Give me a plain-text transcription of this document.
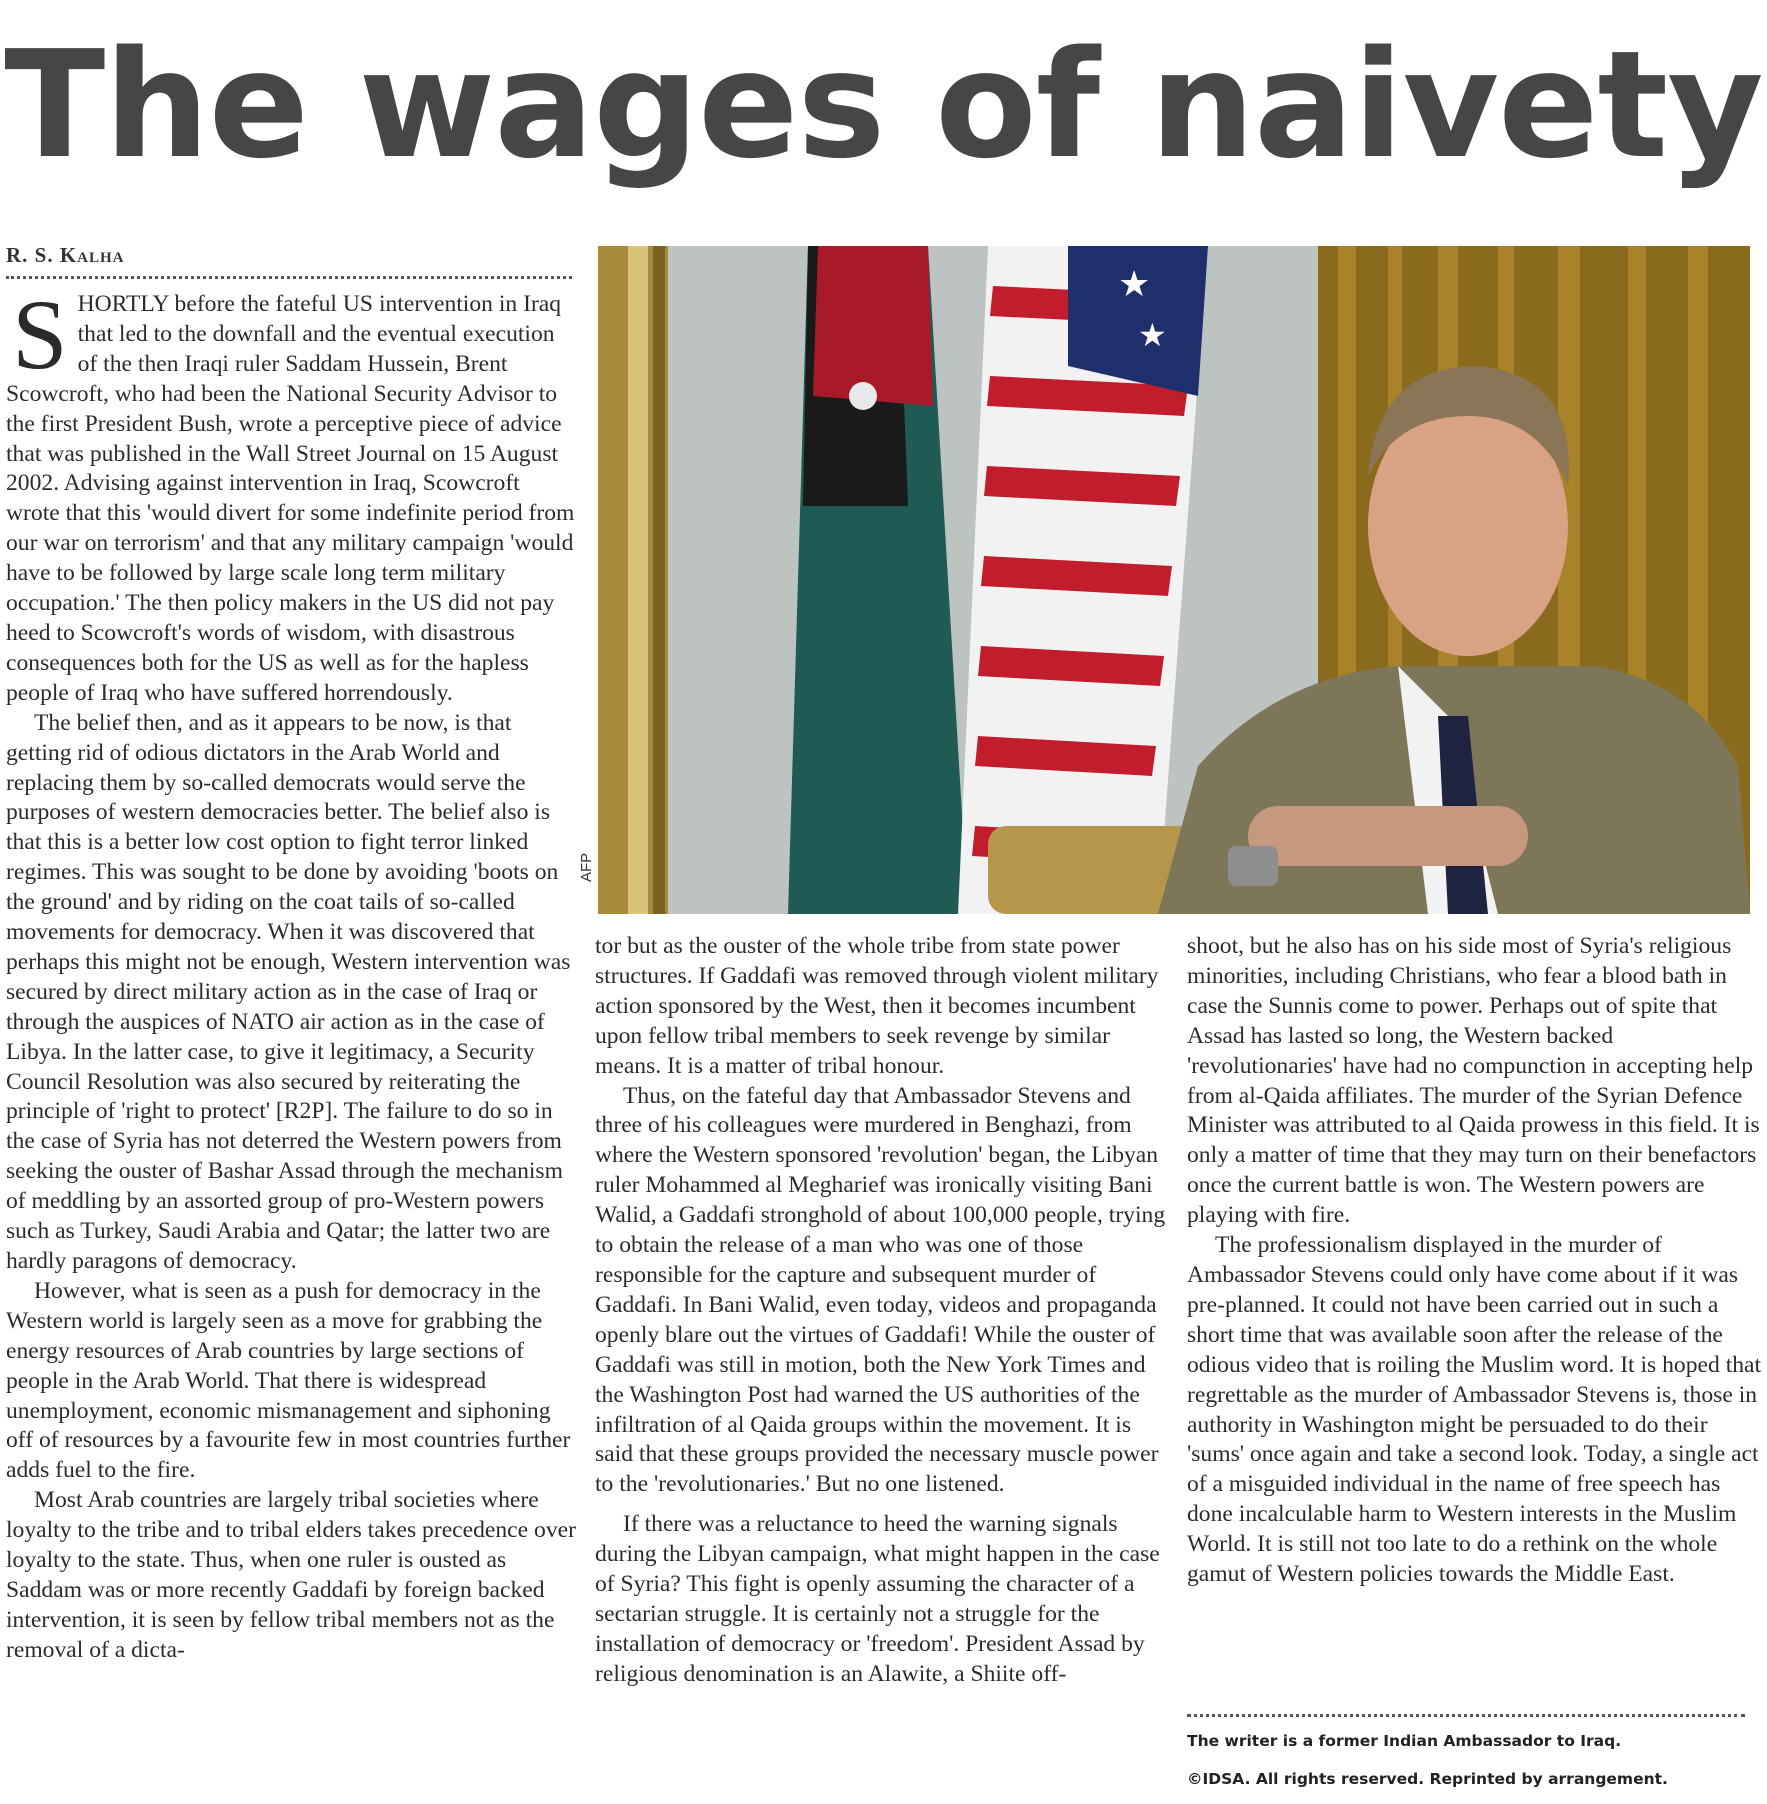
The wages of naivety
R. S. Kalha

SHORTLY before the fateful US intervention in Iraq that led to the downfall and the eventual execution of the then Iraqi ruler Saddam Hussein, Brent Scowcroft, who had been the National Security Advisor to the first President Bush, wrote a perceptive piece of advice that was published in the Wall Street Journal on 15 August 2002. Advising against intervention in Iraq, Scowcroft wrote that this 'would divert for some indefinite period from our war on terrorism' and that any military campaign 'would have to be followed by large scale long term military occupation.' The then policy makers in the US did not pay heed to Scowcroft's words of wisdom, with disastrous consequences both for the US as well as for the hapless people of Iraq who have suffered horrendously.

The belief then, and as it appears to be now, is that getting rid of odious dictators in the Arab World and replacing them by so-called democrats would serve the purposes of western democracies better. The belief also is that this is a better low cost option to fight terror linked regimes. This was sought to be done by avoiding 'boots on the ground' and by riding on the coat tails of so-called movements for democracy. When it was discovered that perhaps this might not be enough, Western intervention was secured by direct military action as in the case of Iraq or through the auspices of NATO air action as in the case of Libya. In the latter case, to give it legitimacy, a Security Council Resolution was also secured by reiterating the principle of 'right to protect' [R2P]. The failure to do so in the case of Syria has not deterred the Western powers from seeking the ouster of Bashar Assad through the mechanism of meddling by an assorted group of pro-Western powers such as Turkey, Saudi Arabia and Qatar; the latter two are hardly paragons of democracy.

However, what is seen as a push for democracy in the Western world is largely seen as a move for grabbing the energy resources of Arab countries by large sections of people in the Arab World. That there is widespread unemployment, economic mismanagement and siphoning off of resources by a favourite few in most countries further adds fuel to the fire.

Most Arab countries are largely tribal societies where loyalty to the tribe and to tribal elders takes precedence over loyalty to the state. Thus, when one ruler is ousted as Saddam was or more recently Gaddafi by foreign backed intervention, it is seen by fellow tribal members not as the removal of a dicta-

★
★
AFP

tor but as the ouster of the whole tribe from state power structures. If Gaddafi was removed through violent military action sponsored by the West, then it becomes incumbent upon fellow tribal members to seek revenge by similar means. It is a matter of tribal honour.

Thus, on the fateful day that Ambassador Stevens and three of his colleagues were murdered in Benghazi, from where the Western sponsored 'revolution' began, the Libyan ruler Mohammed al Megharief was ironically visiting Bani Walid, a Gaddafi stronghold of about 100,000 people, trying to obtain the release of a man who was one of those responsible for the capture and subsequent murder of Gaddafi. In Bani Walid, even today, videos and propaganda openly blare out the virtues of Gaddafi! While the ouster of Gaddafi was still in motion, both the New York Times and the Washington Post had warned the US authorities of the infiltration of al Qaida groups within the movement. It is said that these groups provided the necessary muscle power to the 'revolutionaries.' But no one listened.

If there was a reluctance to heed the warning signals during the Libyan campaign, what might happen in the case of Syria? This fight is openly assuming the character of a sectarian struggle. It is certainly not a struggle for the installation of democracy or 'freedom'. President Assad by religious denomination is an Alawite, a Shiite off-

shoot, but he also has on his side most of Syria's religious minorities, including Christians, who fear a blood bath in case the Sunnis come to power. Perhaps out of spite that Assad has lasted so long, the Western backed 'revolutionaries' have had no compunction in accepting help from al-Qaida affiliates. The murder of the Syrian Defence Minister was attributed to al Qaida prowess in this field. It is only a matter of time that they may turn on their benefactors once the current battle is won. The Western powers are playing with fire.

The professionalism displayed in the murder of Ambassador Stevens could only have come about if it was pre-planned. It could not have been carried out in such a short time that was available soon after the release of the odious video that is roiling the Muslim word. It is hoped that regrettable as the murder of Ambassador Stevens is, those in authority in Washington might be persuaded to do their 'sums' once again and take a second look. Today, a single act of a misguided individual in the name of free speech has done incalculable harm to Western interests in the Muslim World. It is still not too late to do a rethink on the whole gamut of Western policies towards the Middle East.

The writer is a former Indian Ambassador to Iraq.
©IDSA. All rights reserved. Reprinted by arrangement.
